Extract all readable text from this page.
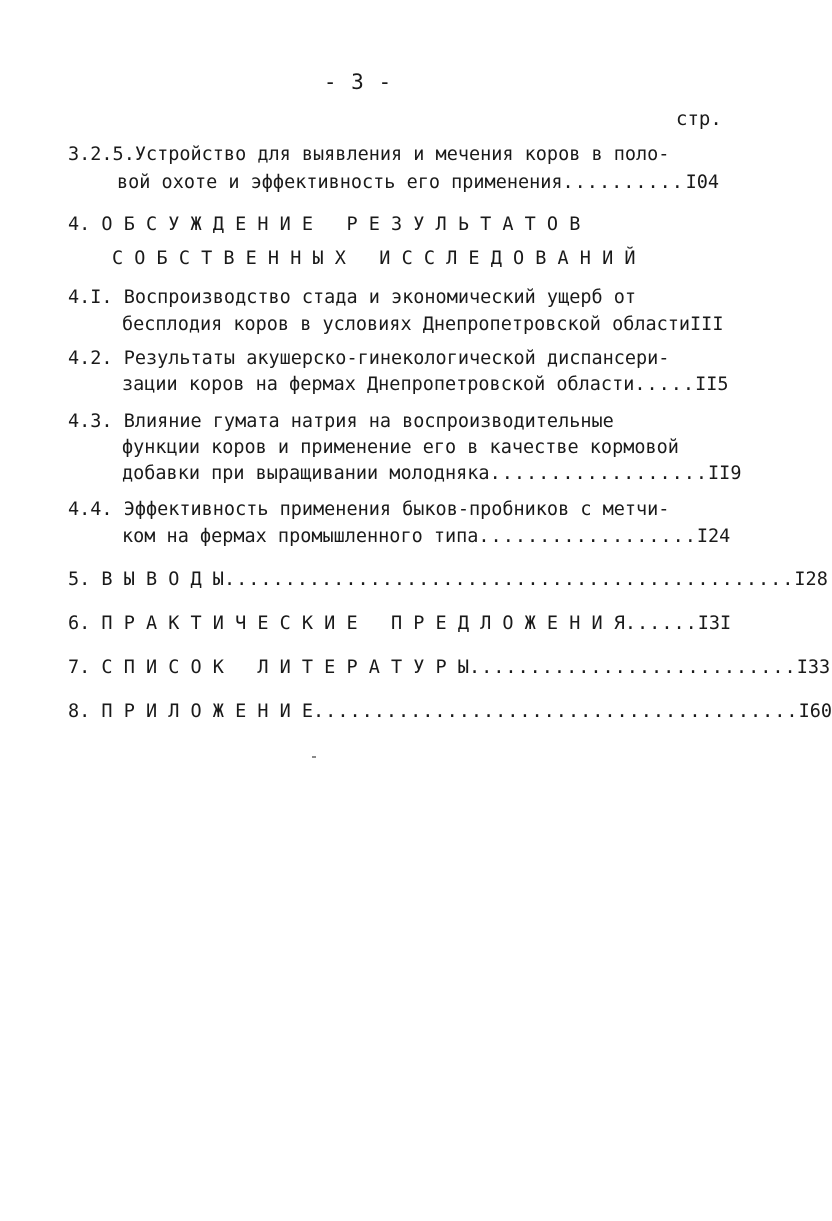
- 3 -
стр.
3.2.5.Устройство для выявления и мечения коров в поло-
вой охоте и эффективность его применения .......... I04
4. О Б С У Ж Д Е Н И Е   Р Е З У Л Ь Т А Т О В
С О Б С Т В Е Н Н Ы Х   И С С Л Е Д О В А Н И Й
4.I. Воспроизводство стада и экономический ущерб от
бесплодия коров в условиях Днепропетровской области III
4.2. Результаты акушерско-гинекологической диспансери-
зации коров на фермах Днепропетровской области ..... II5
4.3. Влияние гумата натрия на воспроизводительные
функции коров и применение его в качестве кормовой
добавки при выращивании молодняка .................. II9
4.4. Эффективность применения быков-пробников с метчи-
ком на фермах промышленного типа .................. I24
5. В Ы В О Д Ы ............................................... I28
6. П Р А К Т И Ч Е С К И Е   П Р Е Д Л О Ж Е Н И Я ...... I3I
7. С П И С О К   Л И Т Е Р А Т У Р Ы ........................... I33
8. П Р И Л О Ж Е Н И Е ........................................ I60
